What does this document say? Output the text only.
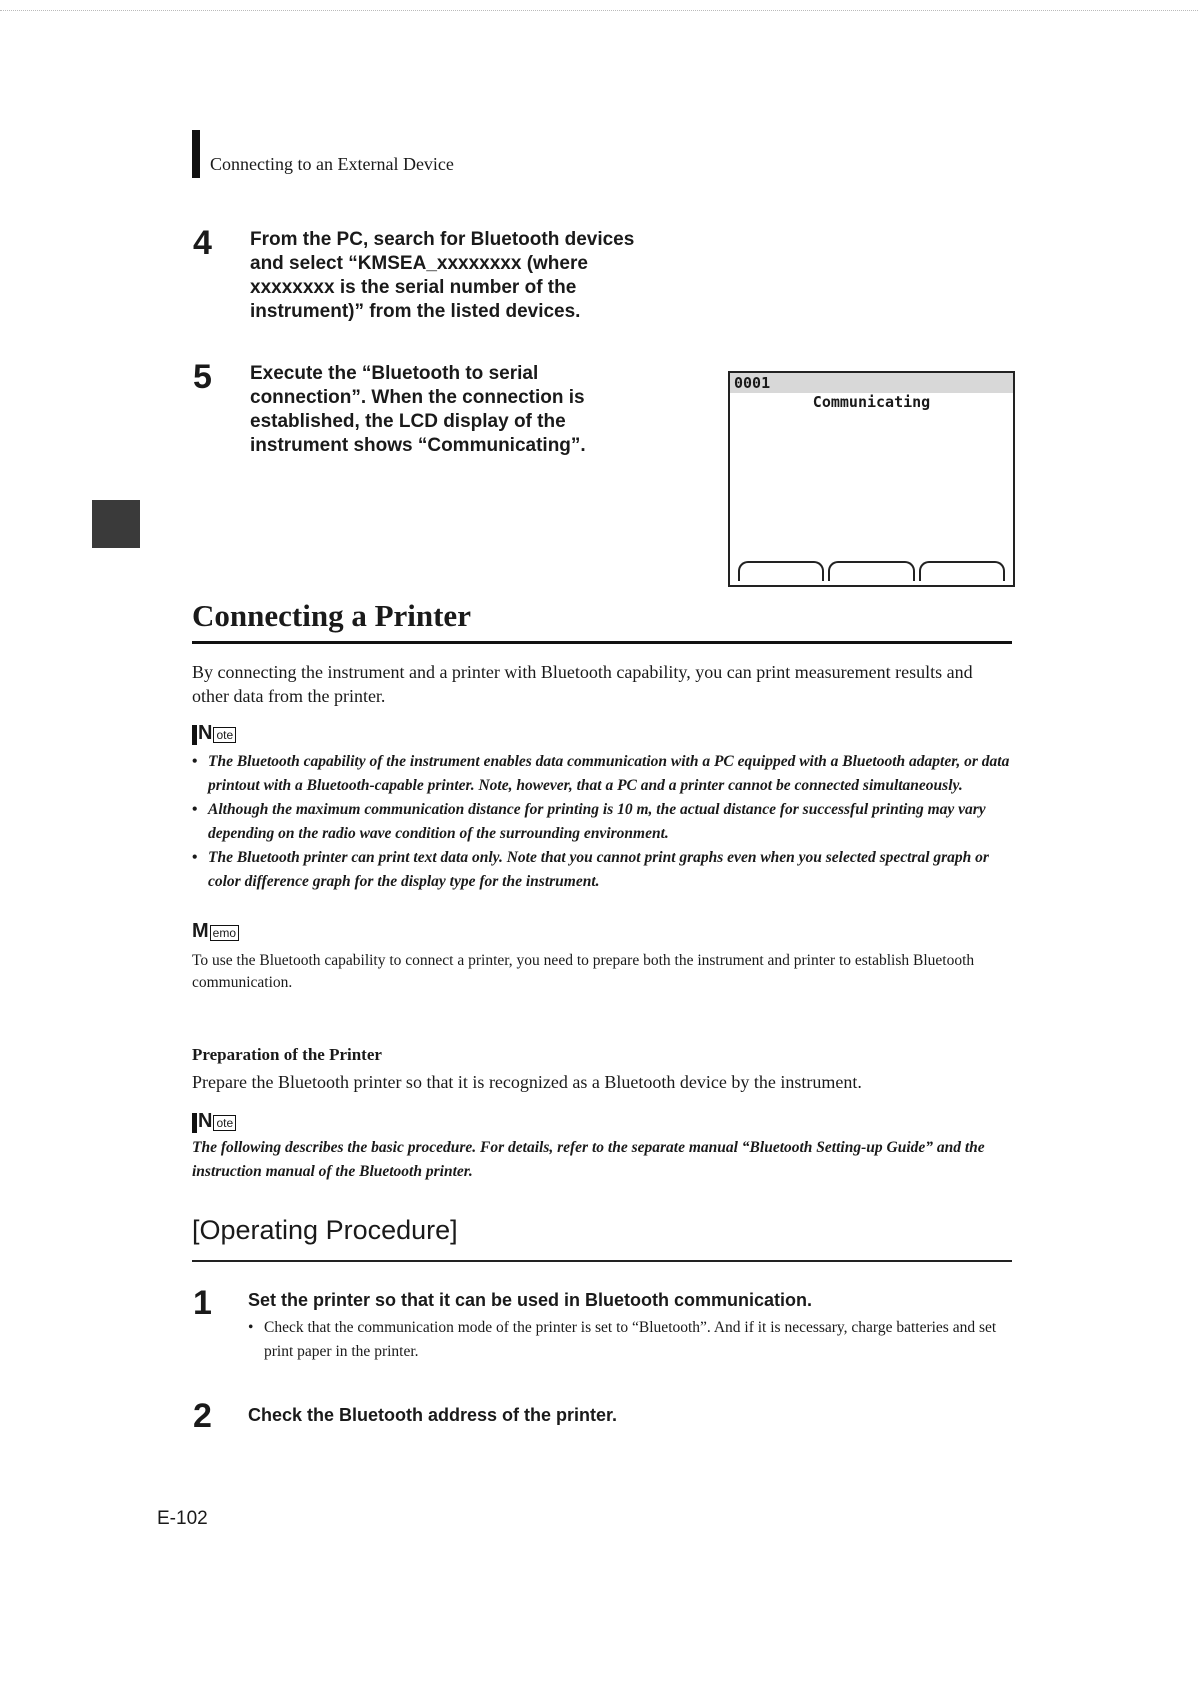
Connecting to an External Device
4 From the PC, search for Bluetooth devices and select “KMSEA_xxxxxxxx (where xxxxxxxx is the serial number of the instrument)” from the listed devices.
5 Execute the “Bluetooth to serial connection”. When the connection is established, the LCD display of the instrument shows “Communicating”.
0001
Communicating
Connecting a Printer
By connecting the instrument and a printer with Bluetooth capability, you can print measurement results and other data from the printer.
Note
• The Bluetooth capability of the instrument enables data communication with a PC equipped with a Bluetooth adapter, or data printout with a Bluetooth-capable printer. Note, however, that a PC and a printer cannot be connected simultaneously.
• Although the maximum communication distance for printing is 10 m, the actual distance for successful printing may vary depending on the radio wave condition of the surrounding environment.
• The Bluetooth printer can print text data only. Note that you cannot print graphs even when you selected spectral graph or color difference graph for the display type for the instrument.
Memo
To use the Bluetooth capability to connect a printer, you need to prepare both the instrument and printer to establish Bluetooth communication.
Preparation of the Printer
Prepare the Bluetooth printer so that it is recognized as a Bluetooth device by the instrument.
Note
The following describes the basic procedure. For details, refer to the separate manual “Bluetooth Setting-up Guide” and the instruction manual of the Bluetooth printer.
[Operating Procedure]
1 Set the printer so that it can be used in Bluetooth communication.
• Check that the communication mode of the printer is set to “Bluetooth”. And if it is necessary, charge batteries and set print paper in the printer.
2 Check the Bluetooth address of the printer.
E-102
